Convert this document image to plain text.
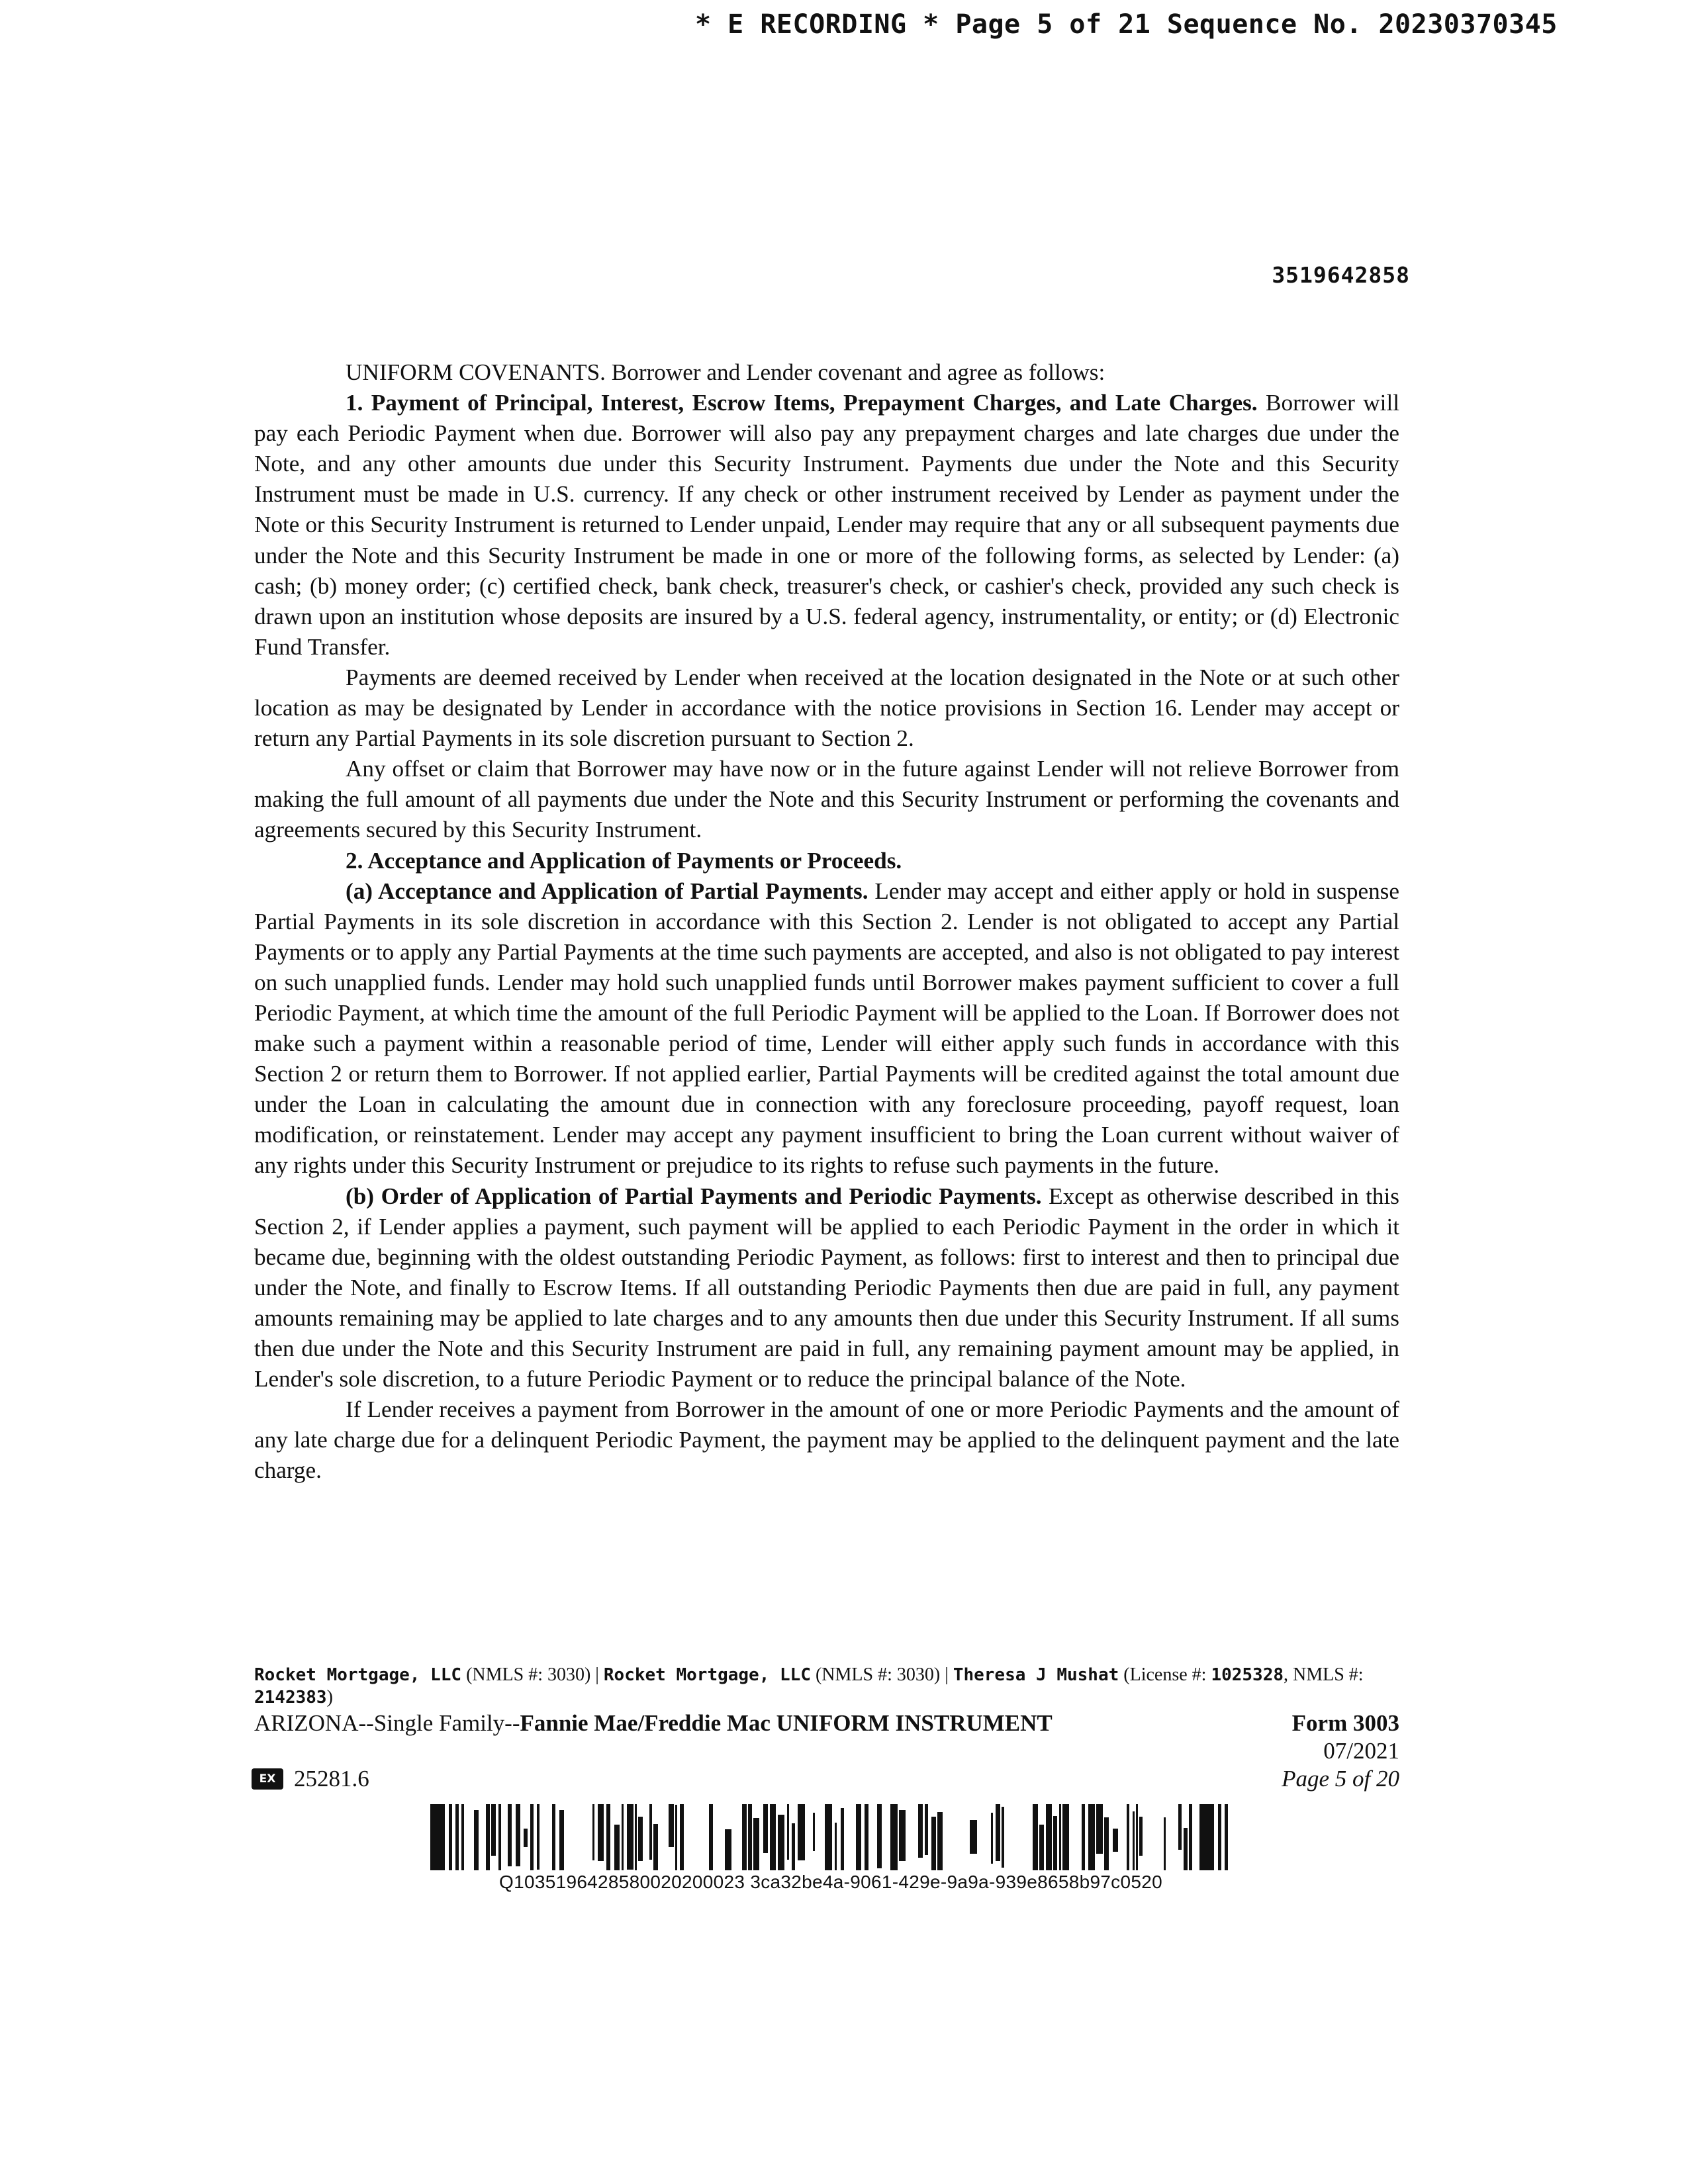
* E RECORDING * Page 5 of 21 Sequence No. 20230370345
3519642858

UNIFORM COVENANTS. Borrower and Lender covenant and agree as follows:

1. Payment of Principal, Interest, Escrow Items, Prepayment Charges, and Late Charges. Borrower will pay each Periodic Payment when due. Borrower will also pay any prepayment charges and late charges due under the Note, and any other amounts due under this Security Instrument. Payments due under the Note and this Security Instrument must be made in U.S. currency. If any check or other instrument received by Lender as payment under the Note or this Security Instrument is returned to Lender unpaid, Lender may require that any or all subsequent payments due under the Note and this Security Instrument be made in one or more of the following forms, as selected by Lender: (a) cash; (b) money order; (c) certified check, bank check, treasurer's check, or cashier's check, provided any such check is drawn upon an institution whose deposits are insured by a U.S. federal agency, instrumentality, or entity; or (d) Electronic Fund Transfer.

Payments are deemed received by Lender when received at the location designated in the Note or at such other location as may be designated by Lender in accordance with the notice provisions in Section 16. Lender may accept or return any Partial Payments in its sole discretion pursuant to Section 2.

Any offset or claim that Borrower may have now or in the future against Lender will not relieve Borrower from making the full amount of all payments due under the Note and this Security Instrument or performing the covenants and agreements secured by this Security Instrument.

2. Acceptance and Application of Payments or Proceeds.

(a) Acceptance and Application of Partial Payments. Lender may accept and either apply or hold in suspense Partial Payments in its sole discretion in accordance with this Section 2. Lender is not obligated to accept any Partial Payments or to apply any Partial Payments at the time such payments are accepted, and also is not obligated to pay interest on such unapplied funds. Lender may hold such unapplied funds until Borrower makes payment sufficient to cover a full Periodic Payment, at which time the amount of the full Periodic Payment will be applied to the Loan. If Borrower does not make such a payment within a reasonable period of time, Lender will either apply such funds in accordance with this Section 2 or return them to Borrower. If not applied earlier, Partial Payments will be credited against the total amount due under the Loan in calculating the amount due in connection with any foreclosure proceeding, payoff request, loan modification, or reinstatement. Lender may accept any payment insufficient to bring the Loan current without waiver of any rights under this Security Instrument or prejudice to its rights to refuse such payments in the future.

(b) Order of Application of Partial Payments and Periodic Payments. Except as otherwise described in this Section 2, if Lender applies a payment, such payment will be applied to each Periodic Payment in the order in which it became due, beginning with the oldest outstanding Periodic Payment, as follows: first to interest and then to principal due under the Note, and finally to Escrow Items. If all outstanding Periodic Payments then due are paid in full, any payment amounts remaining may be applied to late charges and to any amounts then due under this Security Instrument. If all sums then due under the Note and this Security Instrument are paid in full, any remaining payment amount may be applied, in Lender's sole discretion, to a future Periodic Payment or to reduce the principal balance of the Note.

If Lender receives a payment from Borrower in the amount of one or more Periodic Payments and the amount of any late charge due for a delinquent Periodic Payment, the payment may be applied to the delinquent payment and the late charge.

Rocket Mortgage, LLC (NMLS #: 3030) | Rocket Mortgage, LLC (NMLS #: 3030) | Theresa J Mushat (License #: 1025328, NMLS #: 2142383)
ARIZONA--Single Family--Fannie Mae/Freddie Mac UNIFORM INSTRUMENT	Form 3003
07/2021
Page 5 of 20
EX 25281.6
Q1035196428580020200023 3ca32be4a-9061-429e-9a9a-939e8658b97c0520
